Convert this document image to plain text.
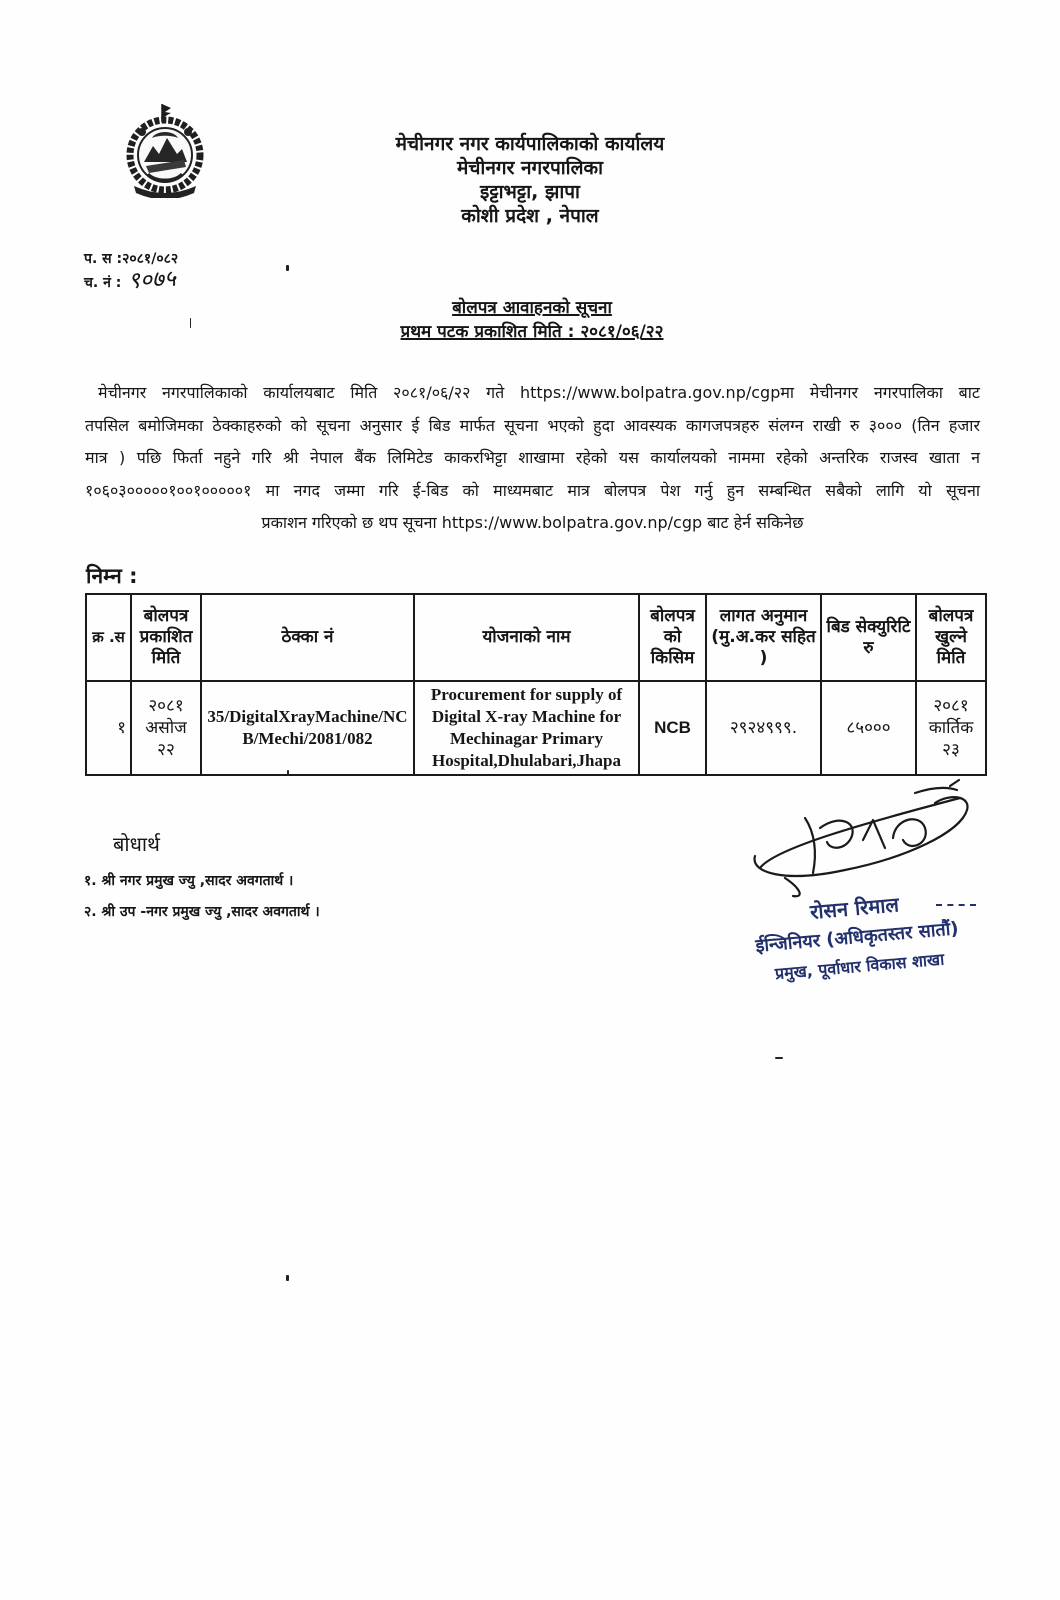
मेचीनगर नगर कार्यपालिकाको कार्यालय
मेचीनगर नगरपालिका
इट्टाभट्टा, झापा
कोशी प्रदेश , नेपाल
प. स :२०८१/०८२
च. नं : ९०७५
बोलपत्र आवाहनको सूचना
प्रथम पटक प्रकाशित मिति : २०८१/०६/२२

मेचीनगर नगरपालिकाको कार्यालयबाट मिति २०८१/०६/२२ गते https://www.bolpatra.gov.np/cgpमा मेचीनगर नगरपालिका बाट

तपसिल बमोजिमका ठेक्काहरुको को सूचना अनुसार ई बिड मार्फत सूचना भएको हुदा आवस्यक कागजपत्रहरु संलग्न राखी रु ३००० (तिन हजार

मात्र ) पछि फिर्ता नहुने गरि श्री नेपाल बैंक लिमिटेड काकरभिट्टा शाखामा रहेको यस कार्यालयको नाममा रहेको अन्तरिक राजस्व खाता न

१०६०३०००००१००१०००००१ मा नगद जम्मा गरि ई-बिड को माध्यमबाट मात्र बोलपत्र पेश गर्नु हुन सम्बन्धित सबैको लागि यो सूचना

प्रकाशन गरिएको छ थप सूचना https://www.bolpatra.gov.np/cgp बाट हेर्न सकिनेछ

निम्न :
क्र .स	बोलपत्र प्रकाशित मिति	ठेक्का नं	योजनाको नाम	बोलपत्र को किसिम	लागत अनुमान (मु.अ.कर सहित )	बिड सेक्युरिटि रु	बोलपत्र खुल्ने मिति
१	२०८१ असोज २२	35/DigitalXrayMachine/NCB/Mechi/2081/082	Procurement for supply of Digital X-ray Machine for Mechinagar Primary Hospital,Dhulabari,Jhapa	NCB	२९२४९९९.	८५०००	२०८१ कार्तिक २३
बोधार्थ
१. श्री नगर प्रमुख ज्यु ,सादर अवगतार्थ ।
२. श्री उप -नगर प्रमुख ज्यु ,सादर अवगतार्थ ।	रोसन रिमाल
ईन्जिनियर (अधिकृतस्तर सातौं)
प्रमुख, पूर्वाधार विकास शाखा
